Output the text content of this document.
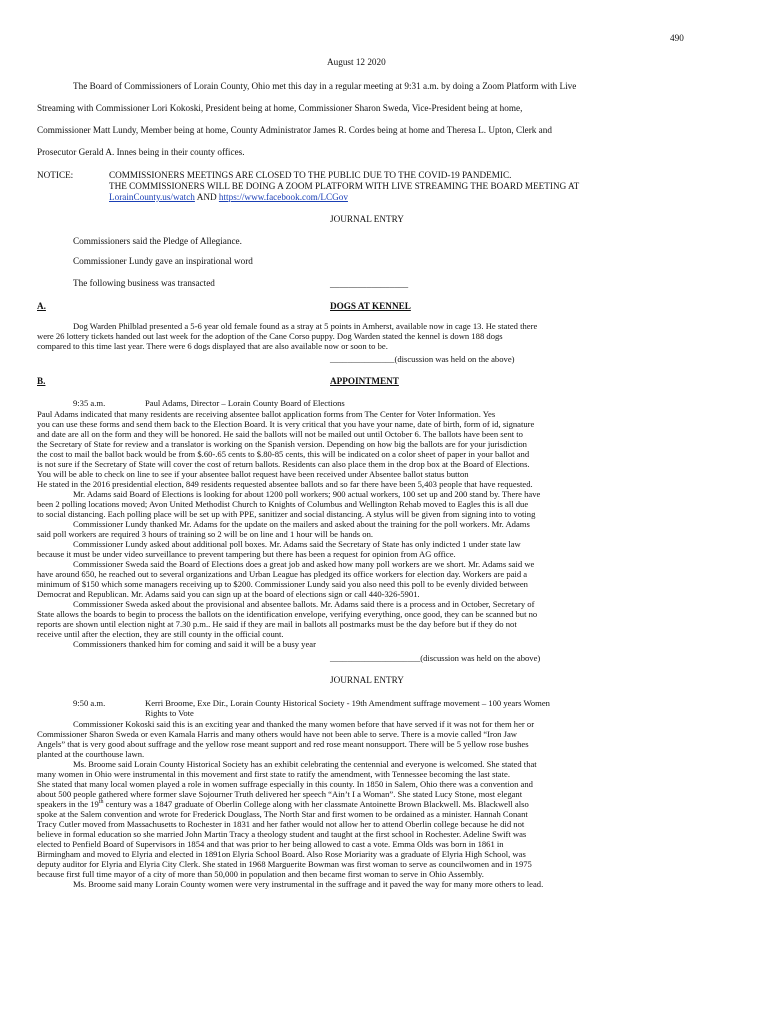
490
August 12 2020
The Board of Commissioners of Lorain County, Ohio met this day in a regular meeting at 9:31 a.m. by doing a Zoom Platform with Live
Streaming with Commissioner Lori Kokoski, President being at home, Commissioner Sharon Sweda, Vice-President being at home,
Commissioner Matt Lundy, Member being at home, County Administrator James R. Cordes being at home and Theresa L. Upton, Clerk and
Prosecutor Gerald A. Innes being in their county offices.
NOTICE:	COMMISSIONERS MEETINGS ARE CLOSED TO THE PUBLIC DUE TO THE COVID-19 PANDEMIC.
THE COMMISSIONERS WILL BE DOING A ZOOM PLATFORM WITH LIVE STREAMING THE BOARD MEETING AT
LorainCounty.us/watch AND https://www.facebook.com/LCGov
JOURNAL ENTRY
Commissioners said the Pledge of Allegiance.
Commissioner Lundy gave an inspirational word
The following business was transacted	_________________
A.	DOGS AT KENNEL
Dog Warden Philblad presented a 5-6 year old female found as a stray at 5 points in Amherst, available now in cage 13. He stated there
were 26 lottery tickets handed out last week for the adoption of the Cane Corso puppy. Dog Warden stated the kennel is down 188 dogs
compared to this time last year. There were 6 dogs displayed that are also available now or soon to be.
_______________(discussion was held on the above)
B.	APPOINTMENT
9:35 a.m.	Paul Adams, Director – Lorain County Board of Elections
Paul Adams indicated that many residents are receiving absentee ballot application forms from The Center for Voter Information. Yes
you can use these forms and send them back to the Election Board. It is very critical that you have your name, date of birth, form of id, signature
and date are all on the form and they will be honored. He said the ballots will not be mailed out until October 6. The ballots have been sent to
the Secretary of State for review and a translator is working on the Spanish version. Depending on how big the ballots are for your jurisdiction
the cost to mail the ballot back would be from $.60-.65 cents to $.80-85 cents, this will be indicated on a color sheet of paper in your ballot and
is not sure if the Secretary of State will cover the cost of return ballots. Residents can also place them in the drop box at the Board of Elections.
You will be able to check on line to see if your absentee ballot request have been received under Absentee ballot status button
He stated in the 2016 presidential election, 849 residents requested absentee ballots and so far there have been 5,403 people that have requested.
Mr. Adams said Board of Elections is looking for about 1200 poll workers; 900 actual workers, 100 set up and 200 stand by. There have
been 2 polling locations moved; Avon United Methodist Church to Knights of Columbus and Wellington Rehab moved to Eagles this is all due
to social distancing. Each polling place will be set up with PPE, sanitizer and social distancing. A stylus will be given from signing into to voting
Commissioner Lundy thanked Mr. Adams for the update on the mailers and asked about the training for the poll workers. Mr. Adams
said poll workers are required 3 hours of training so 2 will be on line and 1 hour will be hands on.
Commissioner Lundy asked about additional poll boxes. Mr. Adams said the Secretary of State has only indicted 1 under state law
because it must be under video surveillance to prevent tampering but there has been a request for opinion from AG office.
Commissioner Sweda said the Board of Elections does a great job and asked how many poll workers are we short. Mr. Adams said we
have around 650, he reached out to several organizations and Urban League has pledged its office workers for election day. Workers are paid a
minimum of $150 which some managers receiving up to $200. Commissioner Lundy said you also need this poll to be evenly divided between
Democrat and Republican. Mr. Adams said you can sign up at the board of elections sign or call 440-326-5901.
Commissioner Sweda asked about the provisional and absentee ballots. Mr. Adams said there is a process and in October, Secretary of
State allows the boards to begin to process the ballots on the identification envelope, verifying everything, once good, they can be scanned but no
reports are shown until election night at 7.30 p.m.. He said if they are mail in ballots all postmarks must be the day before but if they do not
receive until after the election, they are still county in the official count.
Commissioners thanked him for coming and said it will be a busy year
_____________________(discussion was held on the above)
JOURNAL ENTRY
9:50 a.m.	Kerri Broome, Exe Dir., Lorain County Historical Society - 19th Amendment suffrage movement – 100 years Women
Rights to Vote
Commissioner Kokoski said this is an exciting year and thanked the many women before that have served if it was not for them her or
Commissioner Sharon Sweda or even Kamala Harris and many others would have not been able to serve. There is a movie called “Iron Jaw
Angels” that is very good about suffrage and the yellow rose meant support and red rose meant nonsupport. There will be 5 yellow rose bushes
planted at the courthouse lawn.
Ms. Broome said Lorain County Historical Society has an exhibit celebrating the centennial and everyone is welcomed. She stated that
many women in Ohio were instrumental in this movement and first state to ratify the amendment, with Tennessee becoming the last state.
She stated that many local women played a role in women suffrage especially in this county. In 1850 in Salem, Ohio there was a convention and
about 500 people gathered where former slave Sojourner Truth delivered her speech “Ain’t I a Woman”. She stated Lucy Stone, most elegant
speakers in the 19th century was a 1847 graduate of Oberlin College along with her classmate Antoinette Brown Blackwell. Ms. Blackwell also
spoke at the Salem convention and wrote for Frederick Douglass, The North Star and first women to be ordained as a minister. Hannah Conant
Tracy Cutler moved from Massachusetts to Rochester in 1831 and her father would not allow her to attend Oberlin college because he did not
believe in formal education so she married John Martin Tracy a theology student and taught at the first school in Rochester. Adeline Swift was
elected to Penfield Board of Supervisors in 1854 and that was prior to her being allowed to cast a vote. Emma Olds was born in 1861 in
Birmingham and moved to Elyria and elected in 1891on Elyria School Board. Also Rose Moriarity was a graduate of Elyria High School, was
deputy auditor for Elyria and Elyria City Clerk. She stated in 1968 Marguerite Bowman was first woman to serve as councilwomen and in 1975
because first full time mayor of a city of more than 50,000 in population and then became first woman to serve in Ohio Assembly.
Ms. Broome said many Lorain County women were very instrumental in the suffrage and it paved the way for many more others to lead.
